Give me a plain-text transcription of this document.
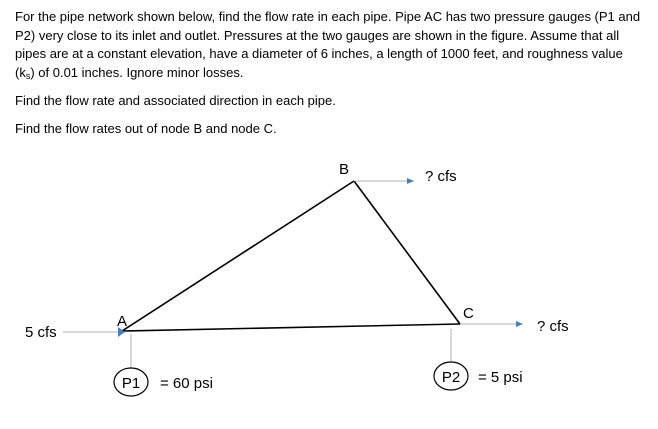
For the pipe network shown below, find the flow rate in each pipe. Pipe AC has two pressure gauges (P1 and P2) very close to its inlet and outlet. Pressures at the two gauges are shown in the figure. Assume that all pipes are at a constant elevation, have a diameter of 6 inches, a length of 1000 feet, and roughness value $(k_s)$ of 0.01 inches. Ignore minor losses.

Find the flow rate and associated direction in each pipe.

Find the flow rates out of node B and node C.

P1 = 60 psi	P2 = 5 psi
A
B
C
5 cfs
? cfs
? cfs
